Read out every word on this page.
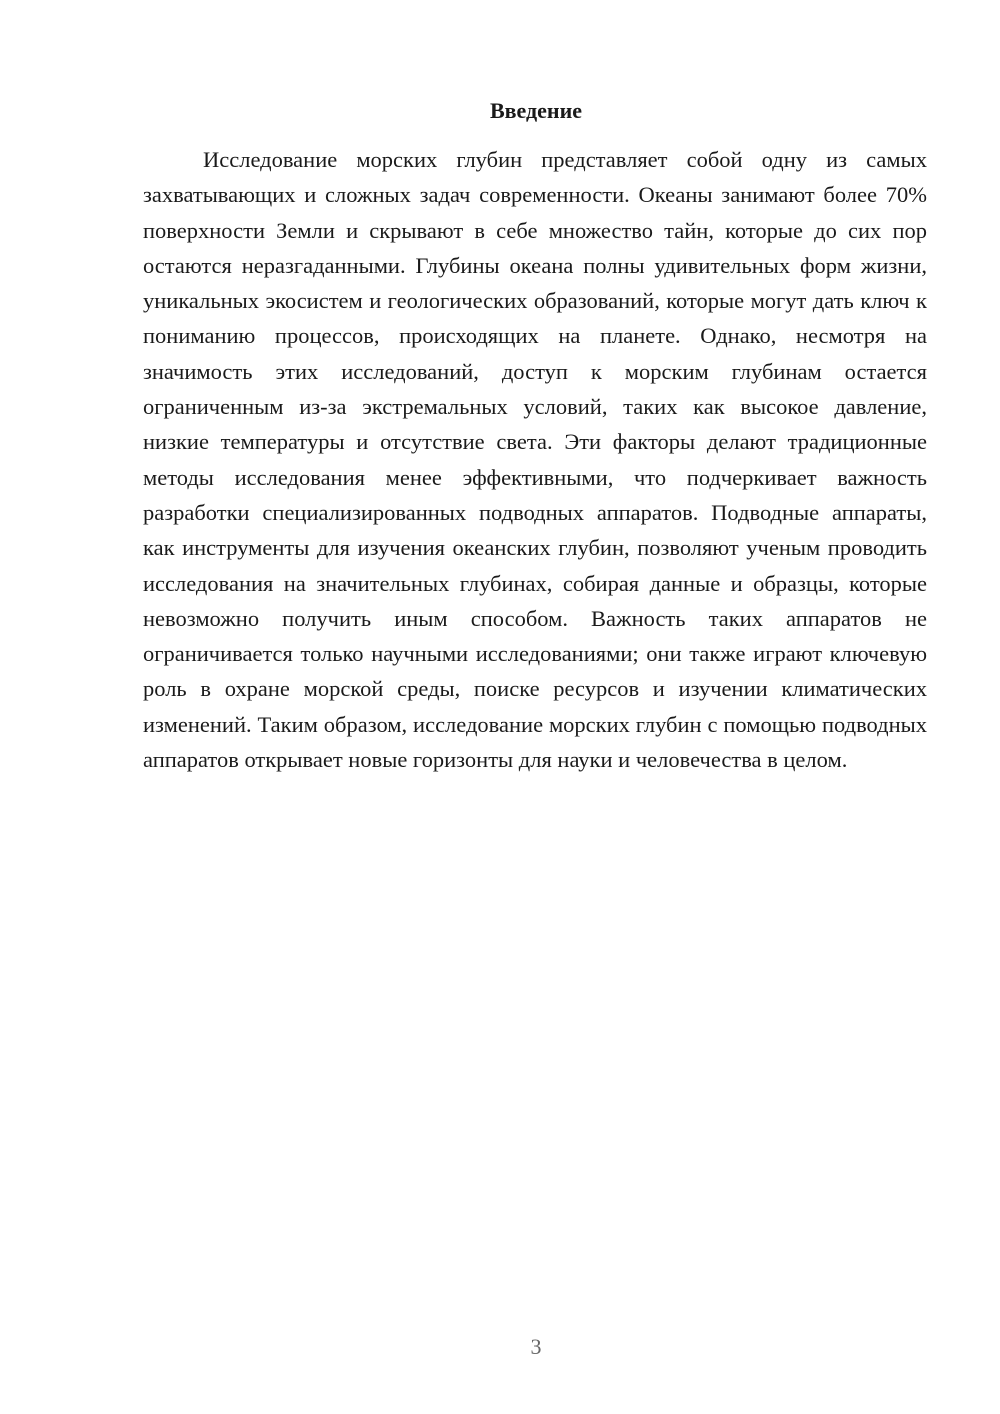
Введение

Исследование морских глубин представляет собой одну из самых захватывающих и сложных задач современности. Океаны занимают более 70% поверхности Земли и скрывают в себе множество тайн, которые до сих пор остаются неразгаданными. Глубины океана полны удивительных форм жизни, уникальных экосистем и геологических образований, которые могут дать ключ к пониманию процессов, происходящих на планете. Однако, несмотря на значимость этих исследований, доступ к морским глубинам остается ограниченным из-за экстремальных условий, таких как высокое давление, низкие температуры и отсутствие света. Эти факторы делают традиционные методы исследования менее эффективными, что подчеркивает важность разработки специализированных подводных аппаратов. Подводные аппараты, как инструменты для изучения океанских глубин, позволяют ученым проводить исследования на значительных глубинах, собирая данные и образцы, которые невозможно получить иным способом. Важность таких аппаратов не ограничивается только научными исследованиями; они также играют ключевую роль в охране морской среды, поиске ресурсов и изучении климатических изменений. Таким образом, исследование морских глубин с помощью подводных аппаратов открывает новые горизонты для науки и человечества в целом.

3
